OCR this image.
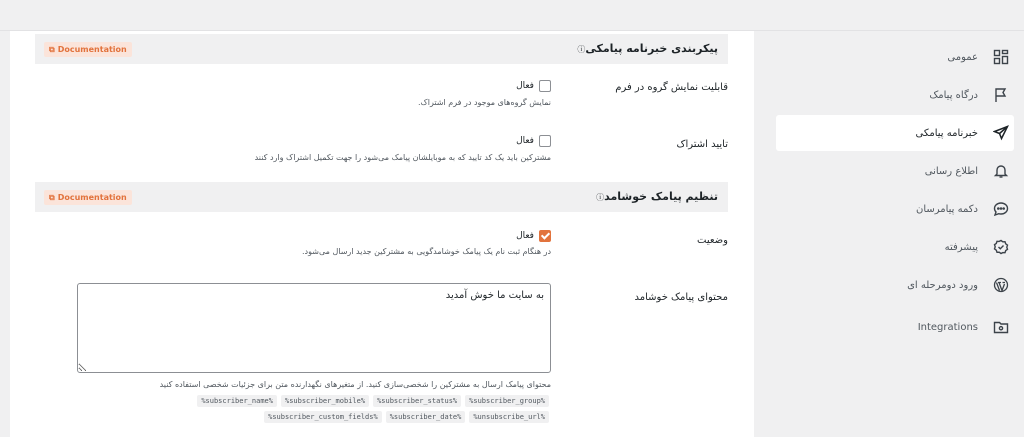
پیکربندی خبرنامه پیامکیⓘ
⧉ Documentation
قابلیت نمایش گروه در فرم
فعال
نمایش گروه‌های موجود در فرم اشتراک.
تایید اشتراک
فعال
مشترکین باید یک کد تایید که به موبایلشان پیامک می‌شود را جهت تکمیل اشتراک وارد کنند
تنظیم پیامک خوشامدⓘ
⧉ Documentation
وضعیت
فعال
در هنگام ثبت نام یک پیامک خوشامدگویی به مشترکین جدید ارسال می‌شود.
محتوای پیامک خوشامد
به سایت ما خوش آمدید
محتوای پیامک ارسال به مشترکین را شخصی‌سازی کنید. از متغیرهای نگهدارنده متن برای جزئیات شخصی استفاده کنید
%subscriber_group%
%subscriber_status%
%subscriber_mobile%
%subscriber_name%
%unsubscribe_url%
%subscriber_date%
%subscriber_custom_fields%
عمومی
درگاه پیامک
خبرنامه پیامکی
اطلاع رسانی
دکمه پیامرسان
پیشرفته
ورود دومرحله ای
Integrations
